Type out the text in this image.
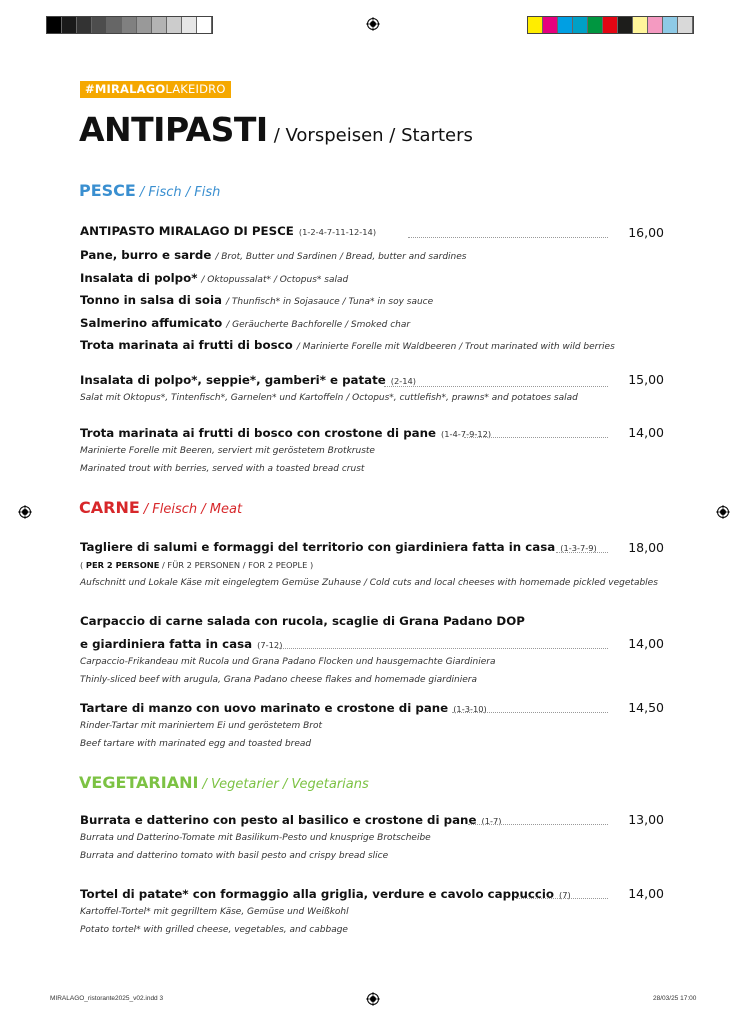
#MIRALAGOLAKEIDRO
ANTIPASTI / Vorspeisen / Starters
PESCE / Fisch / Fish
ANTIPASTO MIRALAGO DI PESCE (1-2-4-7-11-12-14)	16,00
Pane, burro e sarde / Brot, Butter und Sardinen / Bread, butter and sardines
Insalata di polpo* / Oktopussalat* / Octopus* salad
Tonno in salsa di soia / Thunfisch* in Sojasauce / Tuna* in soy sauce
Salmerino affumicato / Geräucherte Bachforelle / Smoked char
Trota marinata ai frutti di bosco / Marinierte Forelle mit Waldbeeren / Trout marinated with wild berries
Insalata di polpo*, seppie*, gamberi* e patate (2-14)	15,00
Salat mit Oktopus*, Tintenfisch*, Garnelen* und Kartoffeln / Octopus*, cuttlefish*, prawns* and potatoes salad
Trota marinata ai frutti di bosco con crostone di pane (1-4-7-9-12)	14,00
Marinierte Forelle mit Beeren, serviert mit geröstetem Brotkruste
Marinated trout with berries, served with a toasted bread crust
CARNE / Fleisch / Meat
Tagliere di salumi e formaggi del territorio con giardiniera fatta in casa (1-3-7-9)	18,00
( PER 2 PERSONE / FÜR 2 PERSONEN / FOR 2 PEOPLE )
Aufschnitt und Lokale Käse mit eingelegtem Gemüse Zuhause / Cold cuts and local cheeses with homemade pickled vegetables
Carpaccio di carne salada con rucola, scaglie di Grana Padano DOP
e giardiniera fatta in casa (7-12)	14,00
Carpaccio-Frikandeau mit Rucola und Grana Padano Flocken und hausgemachte Giardiniera
Thinly-sliced beef with arugula, Grana Padano cheese flakes and homemade giardiniera
Tartare di manzo con uovo marinato e crostone di pane (1-3-10)	14,50
Rinder-Tartar mit mariniertem Ei und geröstetem Brot
Beef tartare with marinated egg and toasted bread
VEGETARIANI / Vegetarier / Vegetarians
Burrata e datterino con pesto al basilico e crostone di pane (1-7)	13,00
Burrata und Datterino-Tomate mit Basilikum-Pesto und knusprige Brotscheibe
Burrata and datterino tomato with basil pesto and crispy bread slice
Tortel di patate* con formaggio alla griglia, verdure e cavolo cappuccio (7)	14,00
Kartoffel-Tortel* mit gegrilltem Käse, Gemüse und Weißkohl
Potato tortel* with grilled cheese, vegetables, and cabbage
MIRALAGO_ristorante2025_v02.indd 3	28/03/25 17:00
